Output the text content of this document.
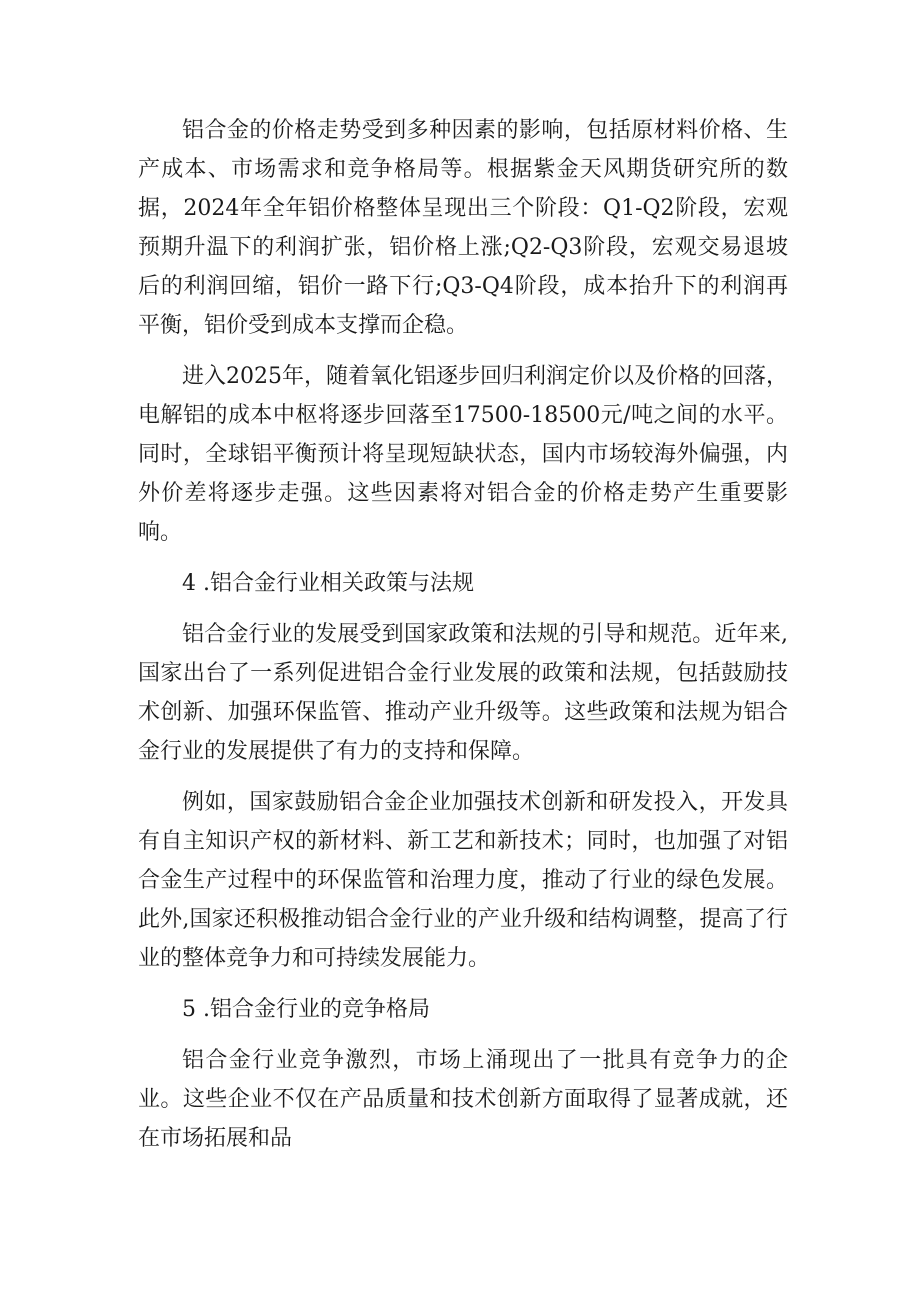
铝合金的价格走势受到多种因素的影响，包括原材料价格、生产成本、市场需求和竞争格局等。根据紫金天风期货研究所的数据，2024年全年铝价格整体呈现出三个阶段：Q1-Q2阶段，宏观预期升温下的利润扩张，铝价格上涨;Q2-Q3阶段，宏观交易退坡后的利润回缩，铝价一路下行;Q3-Q4阶段，成本抬升下的利润再平衡，铝价受到成本支撑而企稳。

进入2025年，随着氧化铝逐步回归利润定价以及价格的回落，电解铝的成本中枢将逐步回落至17500-18500元/吨之间的水平。同时，全球铝平衡预计将呈现短缺状态，国内市场较海外偏强，内外价差将逐步走强。这些因素将对铝合金的价格走势产生重要影响。

4 .铝合金行业相关政策与法规

铝合金行业的发展受到国家政策和法规的引导和规范。近年来,国家出台了一系列促进铝合金行业发展的政策和法规，包括鼓励技术创新、加强环保监管、推动产业升级等。这些政策和法规为铝合金行业的发展提供了有力的支持和保障。

例如，国家鼓励铝合金企业加强技术创新和研发投入，开发具有自主知识产权的新材料、新工艺和新技术；同时，也加强了对铝合金生产过程中的环保监管和治理力度，推动了行业的绿色发展。此外,国家还积极推动铝合金行业的产业升级和结构调整，提高了行业的整体竞争力和可持续发展能力。

5 .铝合金行业的竞争格局

铝合金行业竞争激烈，市场上涌现出了一批具有竞争力的企业。这些企业不仅在产品质量和技术创新方面取得了显著成就，还在市场拓展和品
